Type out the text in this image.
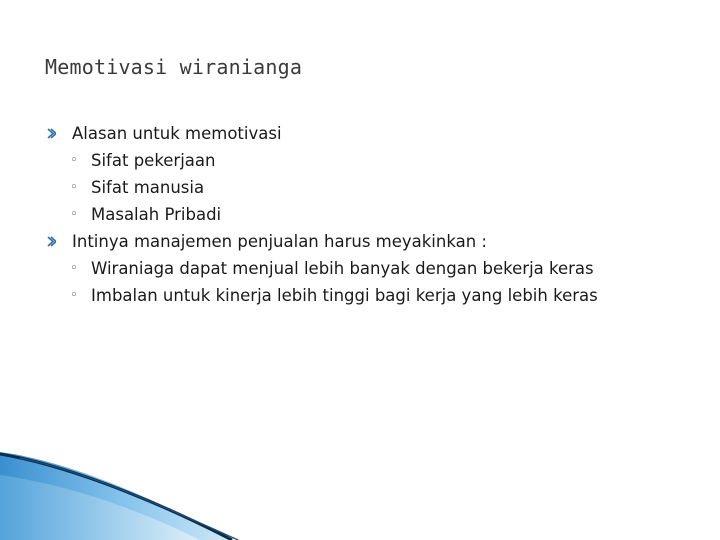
Memotivasi wiranianga
Alasan untuk memotivasi
◦ Sifat pekerjaan
◦ Sifat manusia
◦ Masalah Pribadi
Intinya manajemen penjualan harus meyakinkan :
◦ Wiraniaga dapat menjual lebih banyak dengan bekerja keras
◦ Imbalan untuk kinerja lebih tinggi bagi kerja yang lebih keras
